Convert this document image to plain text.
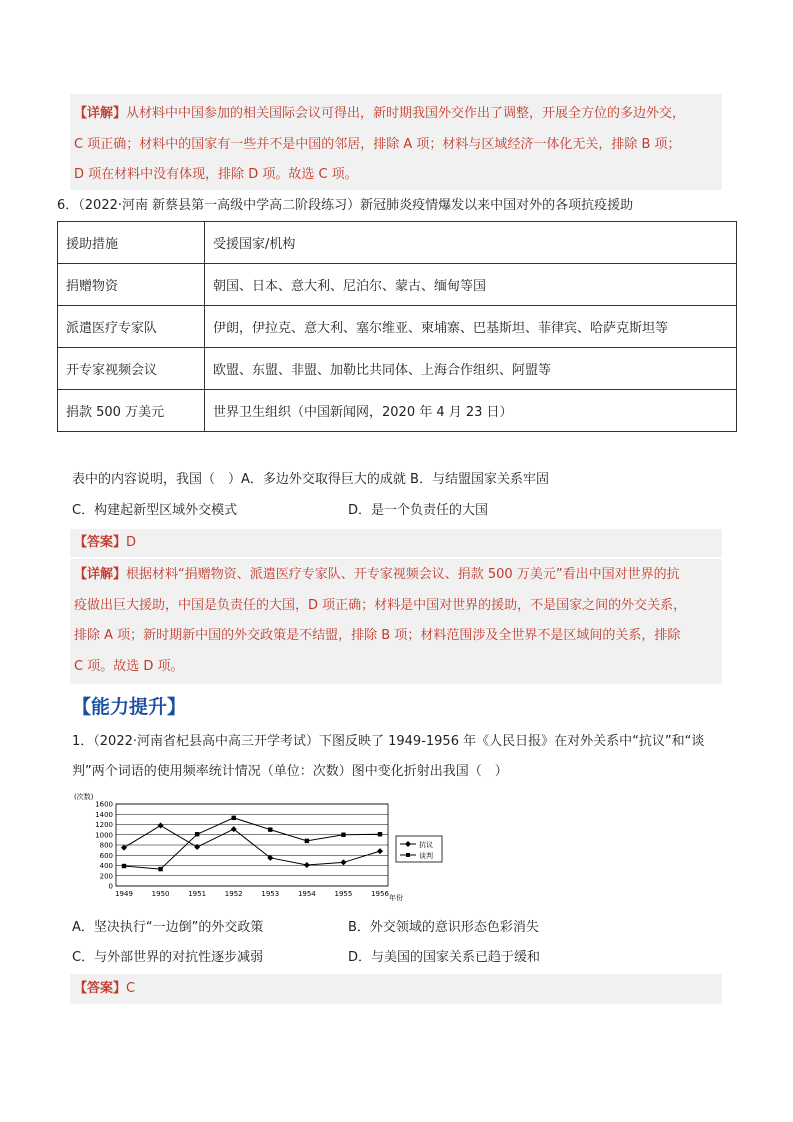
【详解】从材料中中国参加的相关国际会议可得出，新时期我国外交作出了调整，开展全方位的多边外交，
C 项正确；材料中的国家有一些并不是中国的邻居，排除 A 项；材料与区域经济一体化无关，排除 B 项；
D 项在材料中没有体现，排除 D 项。故选 C 项。
6．（2022·河南 新蔡县第一高级中学高二阶段练习）新冠肺炎疫情爆发以来中国对外的各项抗疫援助
援助措施	受援国家/机构
捐赠物资	朝国、日本、意大利、尼泊尔、蒙古、缅甸等国
派遣医疗专家队	伊朗，伊拉克、意大利、塞尔维亚、柬埔寨、巴基斯坦、菲律宾、哈萨克斯坦等
开专家视频会议	欧盟、东盟、非盟、加勒比共同体、上海合作组织、阿盟等
捐款 500 万美元	世界卫生组织（中国新闻网，2020 年 4 月 23 日）
表中的内容说明，我国（　）A．多边外交取得巨大的成就 B．与结盟国家关系牢固
C．构建起新型区域外交模式	D．是一个负责任的大国
【答案】D
【详解】根据材料“捐赠物资、派遣医疗专家队、开专家视频会议、捐款 500 万美元”看出中国对世界的抗
疫做出巨大援助，中国是负责任的大国，D 项正确；材料是中国对世界的援助，不是国家之间的外交关系，
排除 A 项；新时期新中国的外交政策是不结盟，排除 B 项；材料范围涉及全世界不是区域间的关系，排除
C 项。故选 D 项。
【能力提升】
1．（2022·河南省杞县高中高三开学考试）下图反映了 1949-1956 年《人民日报》在对外关系中“抗议”和“谈
判”两个词语的使用频率统计情况（单位：次数）图中变化折射出我国（　）
(次数)
年份
1600
1400
1200
1000
800
600
400
200
0
1949	1950	1951	1952	1953	1954	1955	1956
抗议
谈判
A．坚决执行“一边倒”的外交政策	B．外交领域的意识形态色彩消失
C．与外部世界的对抗性逐步减弱	D．与美国的国家关系已趋于缓和
【答案】C
